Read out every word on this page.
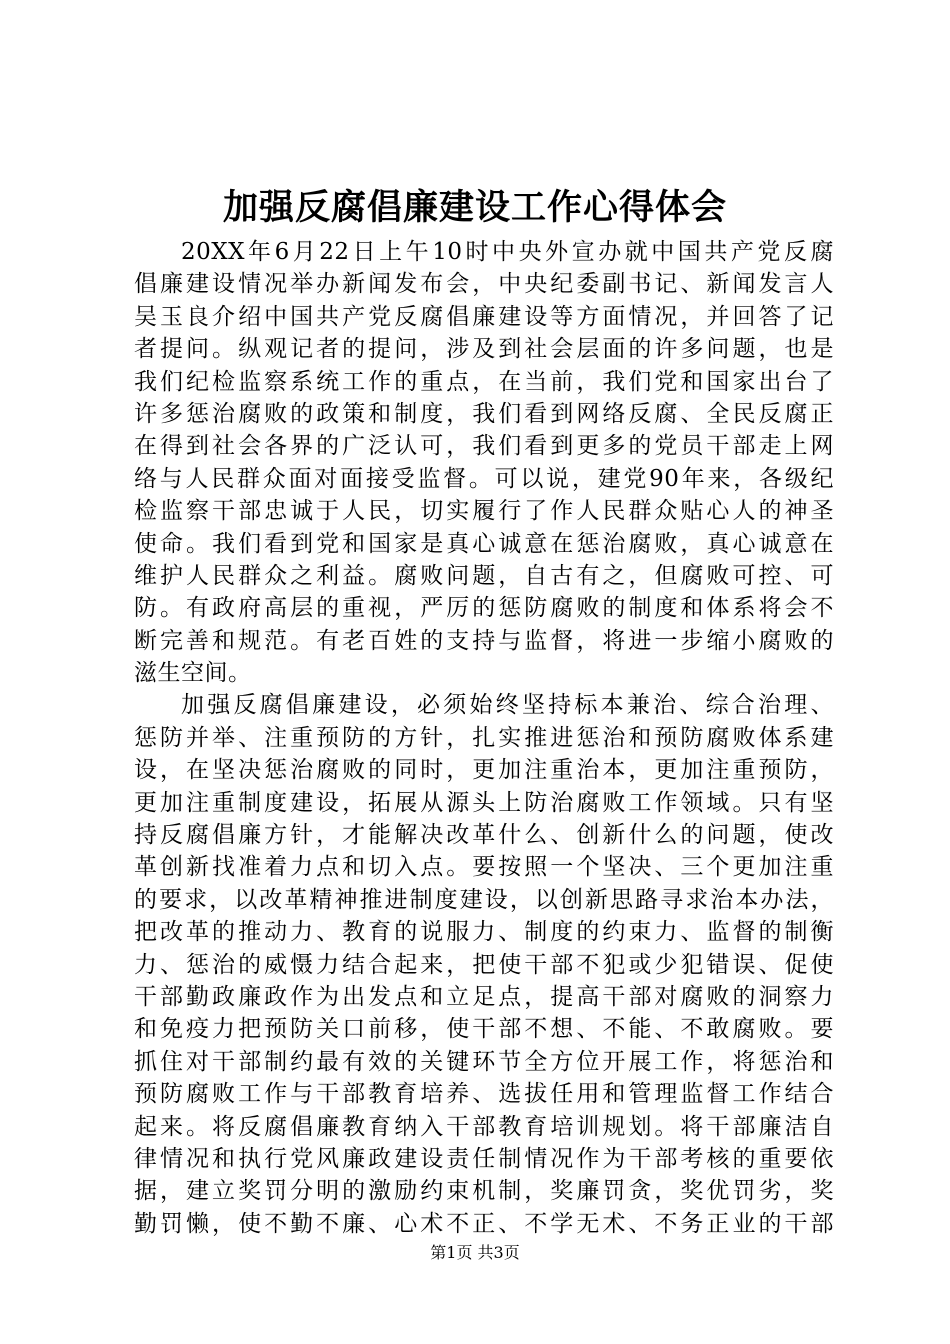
加强反腐倡廉建设工作心得体会
20XX年6月22日上午10时中央外宣办就中国共产党反腐
倡廉建设情况举办新闻发布会，中央纪委副书记、新闻发言人
吴玉良介绍中国共产党反腐倡廉建设等方面情况，并回答了记
者提问。纵观记者的提问，涉及到社会层面的许多问题，也是
我们纪检监察系统工作的重点，在当前，我们党和国家出台了
许多惩治腐败的政策和制度，我们看到网络反腐、全民反腐正
在得到社会各界的广泛认可，我们看到更多的党员干部走上网
络与人民群众面对面接受监督。可以说，建党90年来，各级纪
检监察干部忠诚于人民，切实履行了作人民群众贴心人的神圣
使命。我们看到党和国家是真心诚意在惩治腐败，真心诚意在
维护人民群众之利益。腐败问题，自古有之，但腐败可控、可
防。有政府高层的重视，严厉的惩防腐败的制度和体系将会不
断完善和规范。有老百姓的支持与监督，将进一步缩小腐败的
滋生空间。
加强反腐倡廉建设，必须始终坚持标本兼治、综合治理、
惩防并举、注重预防的方针，扎实推进惩治和预防腐败体系建
设，在坚决惩治腐败的同时，更加注重治本，更加注重预防，
更加注重制度建设，拓展从源头上防治腐败工作领域。只有坚
持反腐倡廉方针，才能解决改革什么、创新什么的问题，使改
革创新找准着力点和切入点。要按照一个坚决、三个更加注重
的要求，以改革精神推进制度建设，以创新思路寻求治本办法，
把改革的推动力、教育的说服力、制度的约束力、监督的制衡
力、惩治的威慑力结合起来，把使干部不犯或少犯错误、促使
干部勤政廉政作为出发点和立足点，提高干部对腐败的洞察力
和免疫力把预防关口前移，使干部不想、不能、不敢腐败。要
抓住对干部制约最有效的关键环节全方位开展工作，将惩治和
预防腐败工作与干部教育培养、选拔任用和管理监督工作结合
起来。将反腐倡廉教育纳入干部教育培训规划。将干部廉洁自
律情况和执行党风廉政建设责任制情况作为干部考核的重要依
据，建立奖罚分明的激励约束机制，奖廉罚贪，奖优罚劣，奖
勤罚懒，使不勤不廉、心术不正、不学无术、不务正业的干部
第1页 共3页
